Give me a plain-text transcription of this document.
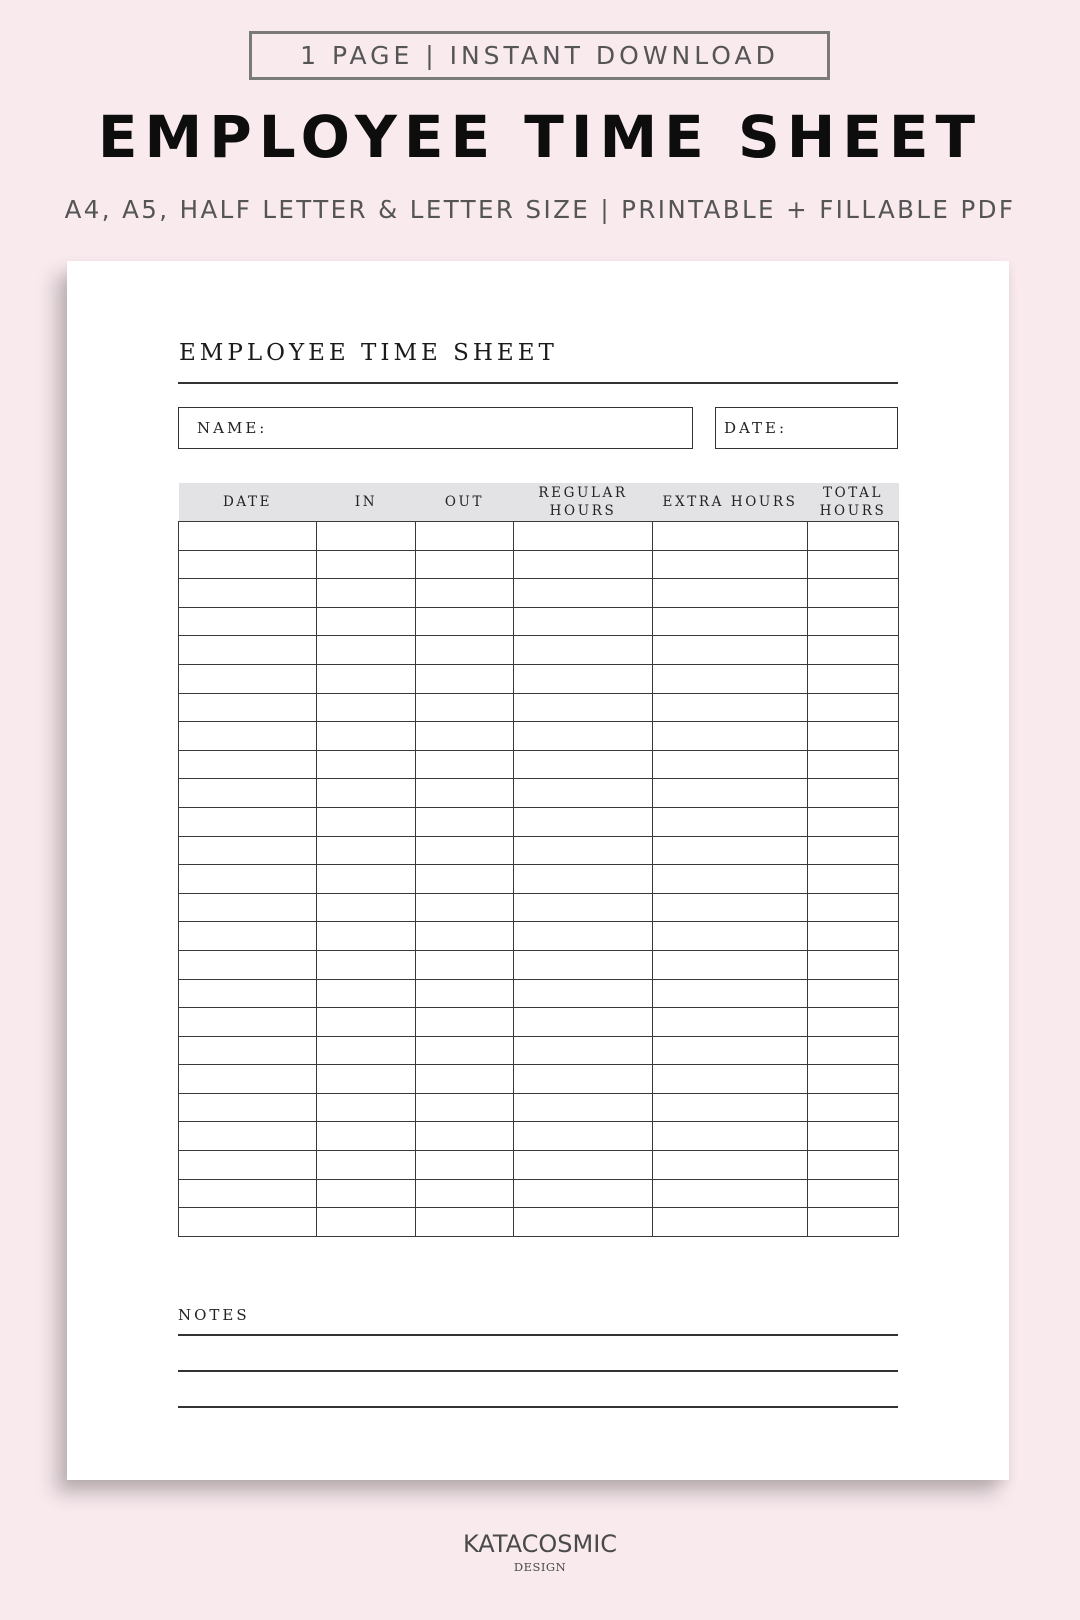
1 PAGE | INSTANT DOWNLOAD
EMPLOYEE TIME SHEET
A4, A5, HALF LETTER & LETTER SIZE | PRINTABLE + FILLABLE PDF
EMPLOYEE TIME SHEET
NAME:	DATE:
DATE	IN	OUT	REGULAR HOURS	EXTRA HOURS	TOTAL HOURS

NOTES
KATACOSMIC
DESIGN
